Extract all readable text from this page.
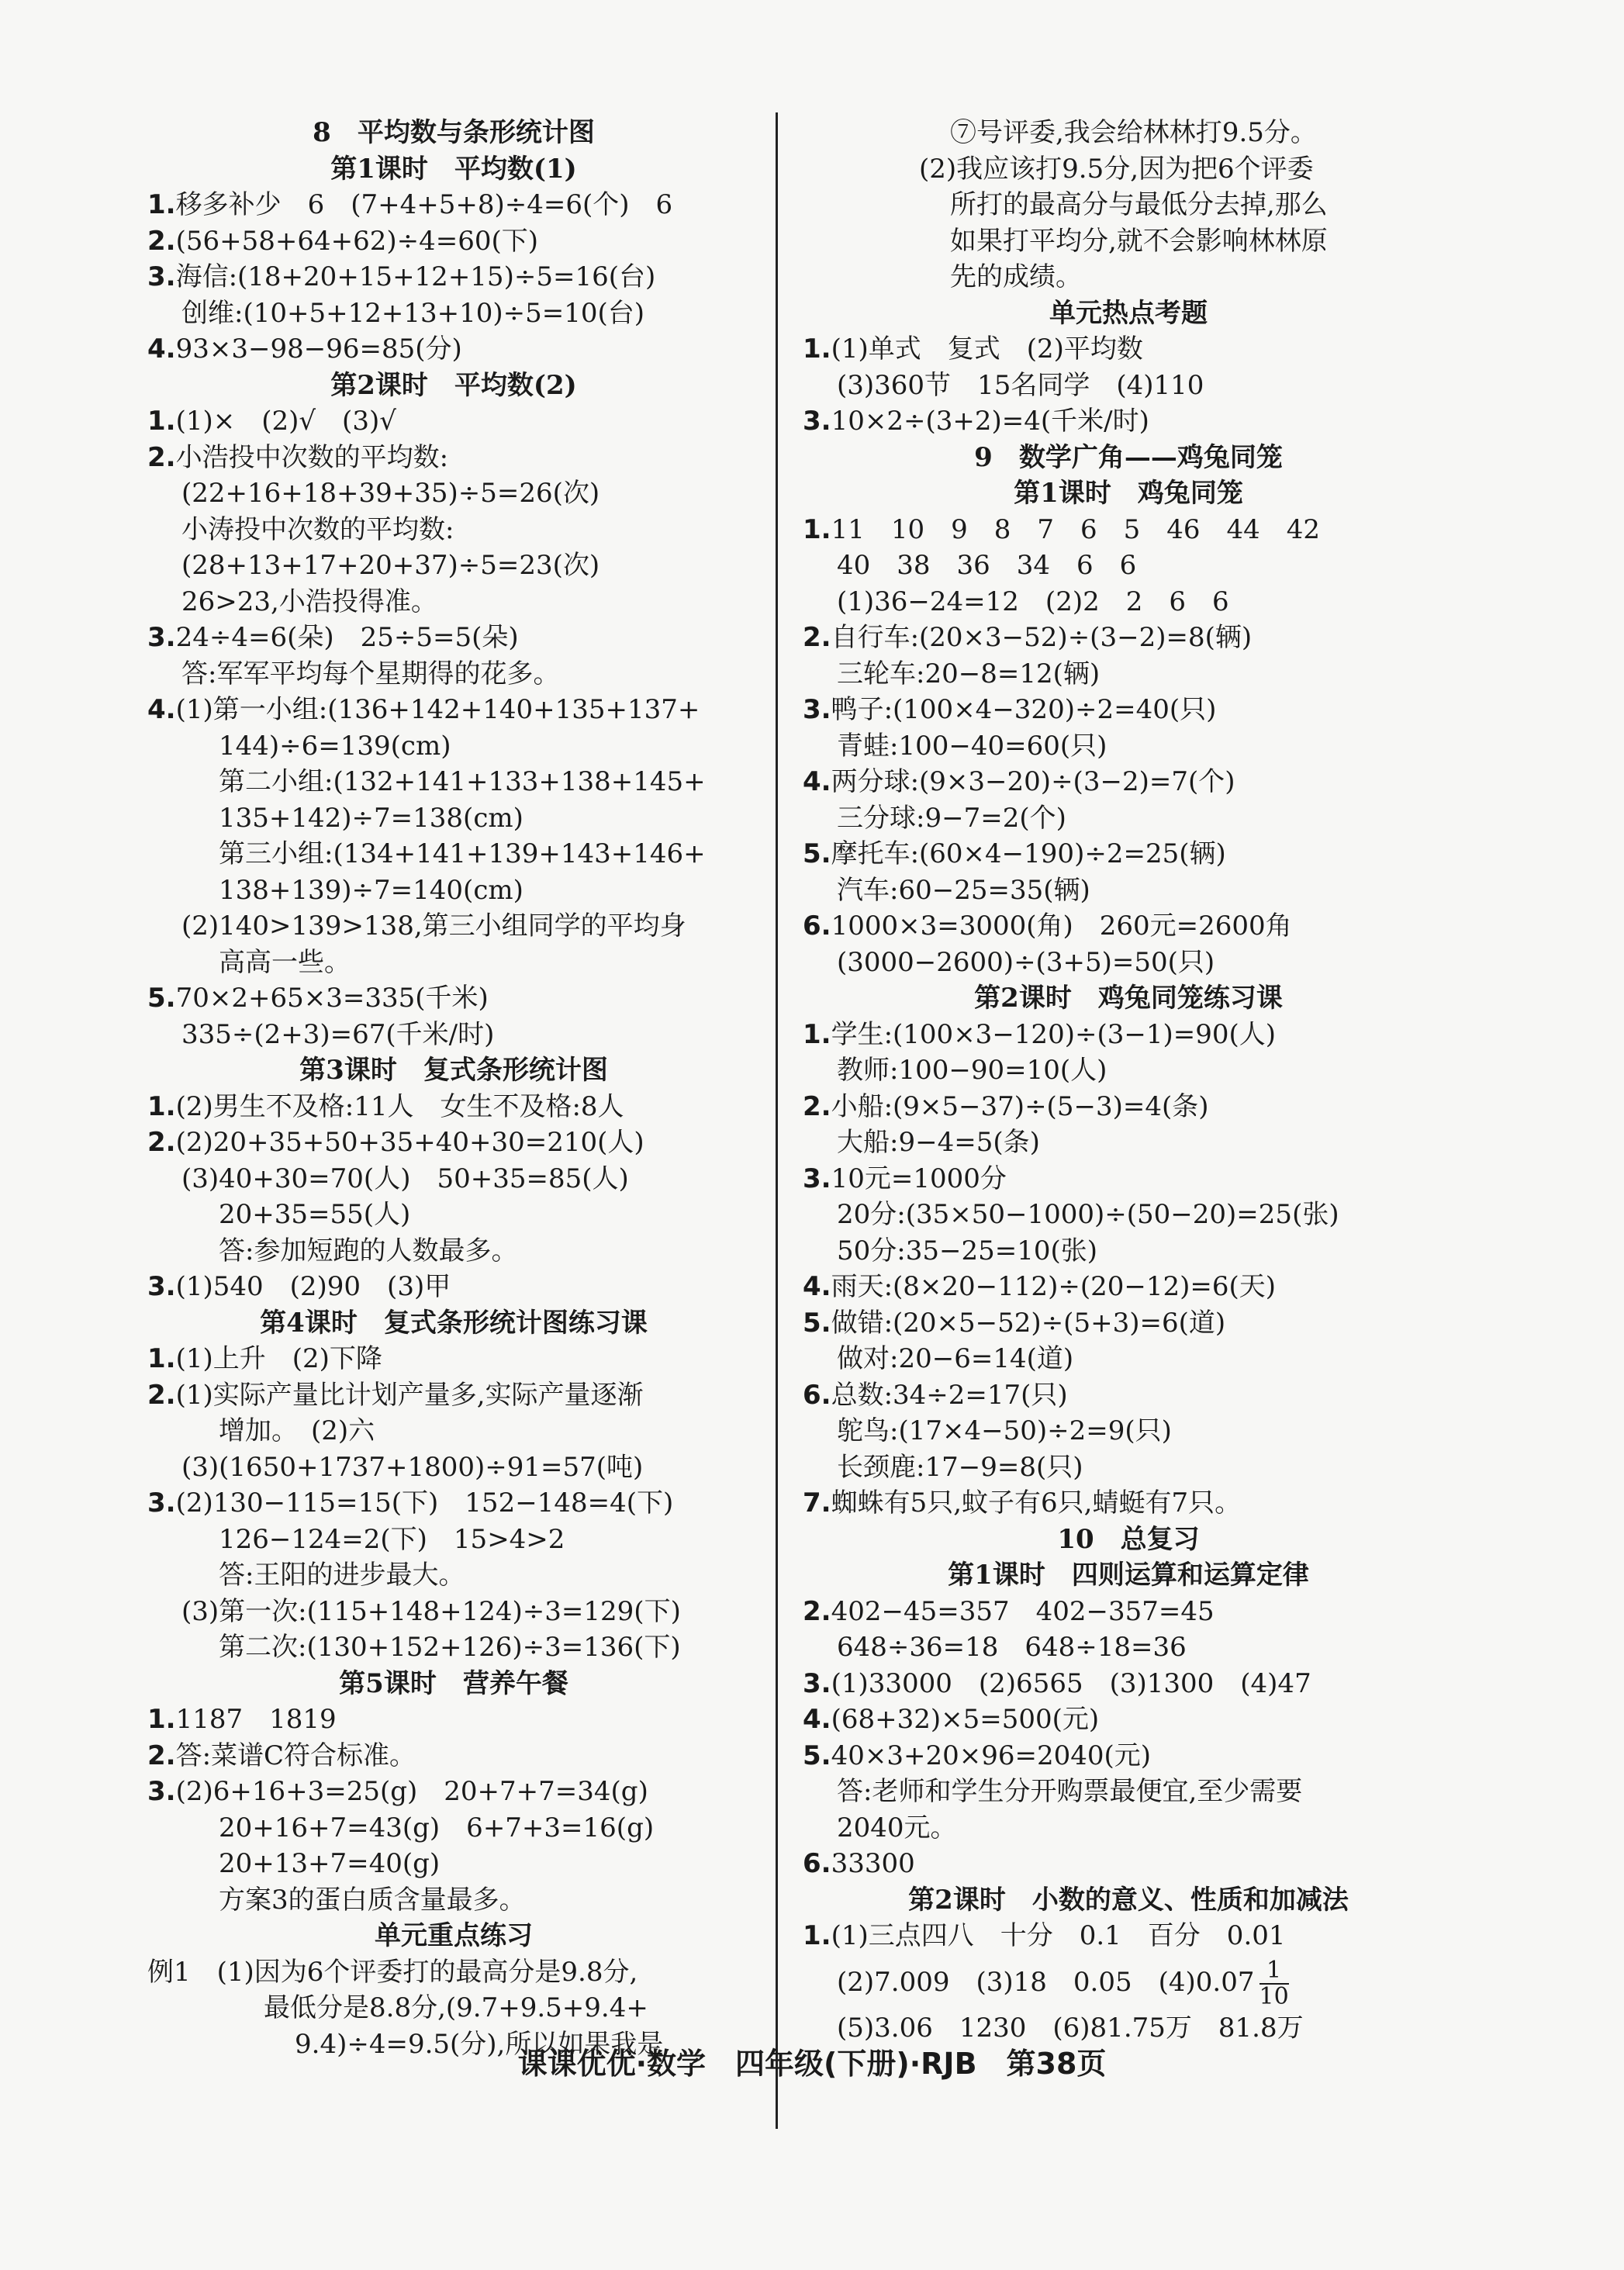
8　平均数与条形统计图
第1课时　平均数(1)
1.移多补少　6　(7+4+5+8)÷4=6(个)　6
2.(56+58+64+62)÷4=60(下)
3.海信:(18+20+15+12+15)÷5=16(台)
创维:(10+5+12+13+10)÷5=10(台)
4.93×3−98−96=85(分)
第2课时　平均数(2)
1.(1)×　(2)√　(3)√
2.小浩投中次数的平均数:
(22+16+18+39+35)÷5=26(次)
小涛投中次数的平均数:
(28+13+17+20+37)÷5=23(次)
26>23,小浩投得准。
3.24÷4=6(朵)　25÷5=5(朵)
答:军军平均每个星期得的花多。
4.(1)第一小组:(136+142+140+135+137+
144)÷6=139(cm)
第二小组:(132+141+133+138+145+
135+142)÷7=138(cm)
第三小组:(134+141+139+143+146+
138+139)÷7=140(cm)
(2)140>139>138,第三小组同学的平均身
高高一些。
5.70×2+65×3=335(千米)
335÷(2+3)=67(千米/时)
第3课时　复式条形统计图
1.(2)男生不及格:11人　女生不及格:8人
2.(2)20+35+50+35+40+30=210(人)
(3)40+30=70(人)　50+35=85(人)
20+35=55(人)
答:参加短跑的人数最多。
3.(1)540　(2)90　(3)甲
第4课时　复式条形统计图练习课
1.(1)上升　(2)下降
2.(1)实际产量比计划产量多,实际产量逐渐
增加。　(2)六
(3)(1650+1737+1800)÷91=57(吨)
3.(2)130−115=15(下)　152−148=4(下)
126−124=2(下)　15>4>2
答:王阳的进步最大。
(3)第一次:(115+148+124)÷3=129(下)
第二次:(130+152+126)÷3=136(下)
第5课时　营养午餐
1.1187　1819
2.答:菜谱C符合标准。
3.(2)6+16+3=25(g)　20+7+7=34(g)
20+16+7=43(g)　6+7+3=16(g)
20+13+7=40(g)
方案3的蛋白质含量最多。
单元重点练习
例1　(1)因为6个评委打的最高分是9.8分,
最低分是8.8分,(9.7+9.5+9.4+
9.4)÷4=9.5(分),所以如果我是
⑦号评委,我会给林林打9.5分。
(2)我应该打9.5分,因为把6个评委
所打的最高分与最低分去掉,那么
如果打平均分,就不会影响林林原
先的成绩。
单元热点考题
1.(1)单式　复式　(2)平均数
(3)360节　15名同学　(4)110
3.10×2÷(3+2)=4(千米/时)
9　数学广角——鸡兔同笼
第1课时　鸡兔同笼
1.11　10　9　8　7　6　5　46　44　42
40　38　36　34　6　6
(1)36−24=12　(2)2　2　6　6
2.自行车:(20×3−52)÷(3−2)=8(辆)
三轮车:20−8=12(辆)
3.鸭子:(100×4−320)÷2=40(只)
青蛙:100−40=60(只)
4.两分球:(9×3−20)÷(3−2)=7(个)
三分球:9−7=2(个)
5.摩托车:(60×4−190)÷2=25(辆)
汽车:60−25=35(辆)
6.1000×3=3000(角)　260元=2600角
(3000−2600)÷(3+5)=50(只)
第2课时　鸡兔同笼练习课
1.学生:(100×3−120)÷(3−1)=90(人)
教师:100−90=10(人)
2.小船:(9×5−37)÷(5−3)=4(条)
大船:9−4=5(条)
3.10元=1000分
20分:(35×50−1000)÷(50−20)=25(张)
50分:35−25=10(张)
4.雨天:(8×20−112)÷(20−12)=6(天)
5.做错:(20×5−52)÷(5+3)=6(道)
做对:20−6=14(道)
6.总数:34÷2=17(只)
鸵鸟:(17×4−50)÷2=9(只)
长颈鹿:17−9=8(只)
7.蜘蛛有5只,蚊子有6只,蜻蜓有7只。
10　总复习
第1课时　四则运算和运算定律
2.402−45=357　402−357=45
648÷36=18　648÷18=36
3.(1)33000　(2)6565　(3)1300　(4)47
4.(68+32)×5=500(元)
5.40×3+20×96=2040(元)
答:老师和学生分开购票最便宜,至少需要
2040元。
6.33300
第2课时　小数的意义、性质和加减法
1.(1)三点四八　十分　0.1　百分　0.01
(2)7.009　(3)18　0.05　$(4)0.07 \frac{1}{10}$
(5)3.06　1230　(6)81.75万　81.8万
课课优优·数学　四年级(下册)·RJB　第38页
